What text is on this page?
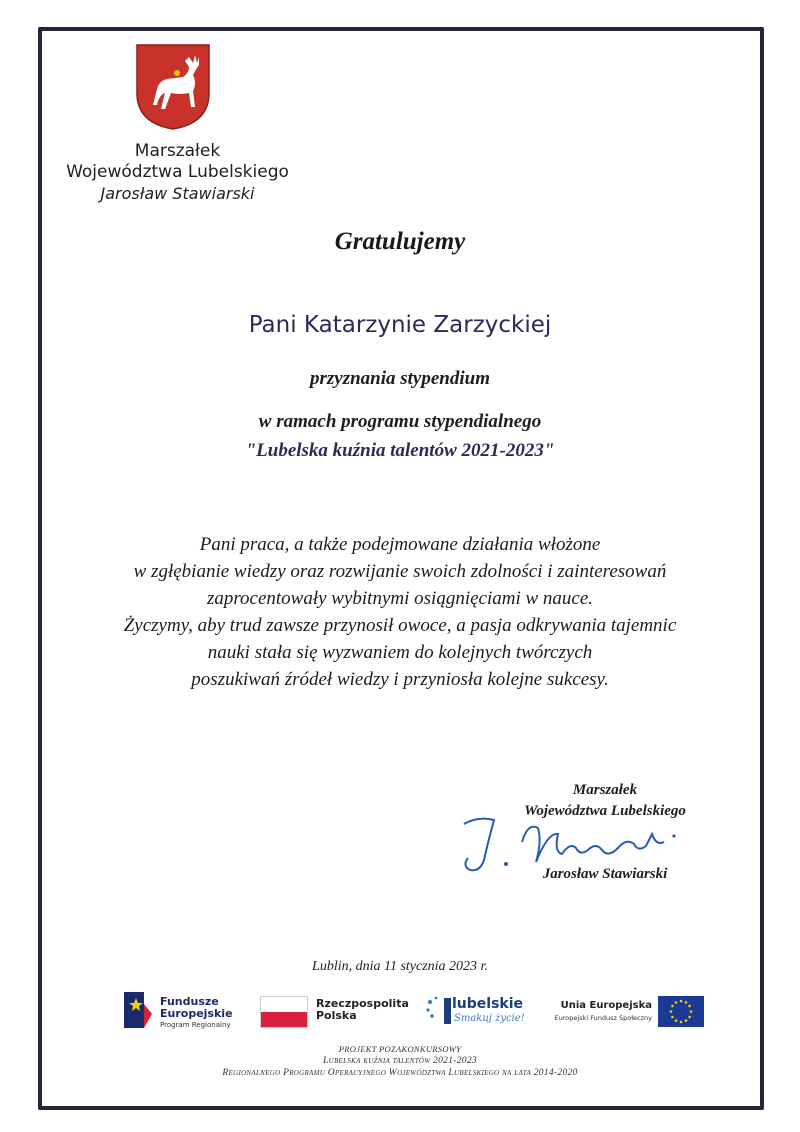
Marszałek
Województwa Lubelskiego
Jarosław Stawiarski
Gratulujemy
Pani Katarzynie Zarzyckiej
przyznania stypendium
w ramach programu stypendialnego
"Lubelska kuźnia talentów 2021-2023"
Pani praca, a także podejmowane działania włożone
w zgłębianie wiedzy oraz rozwijanie swoich zdolności i zainteresowań
zaprocentowały wybitnymi osiągnięciami w nauce.
Życzymy, aby trud zawsze przynosił owoce, a pasja odkrywania tajemnic
nauki stała się wyzwaniem do kolejnych twórczych
poszukiwań źródeł wiedzy i przyniosła kolejne sukcesy.
Marszałek
Województwa Lubelskiego
Jarosław Stawiarski
Lublin, dnia 11 stycznia 2023 r.
Fundusze
Europejskie
Program Regionalny
Rzeczpospolita
Polska
lubelskie
Smakuj życie!
Unia Europejska
Europejski Fundusz Społeczny
PROJEKT POZAKONKURSOWY
Lubelska kuźnia talentów 2021-2023
Regionalnego Programu Operacyjnego Województwa Lubelskiego na lata 2014-2020
